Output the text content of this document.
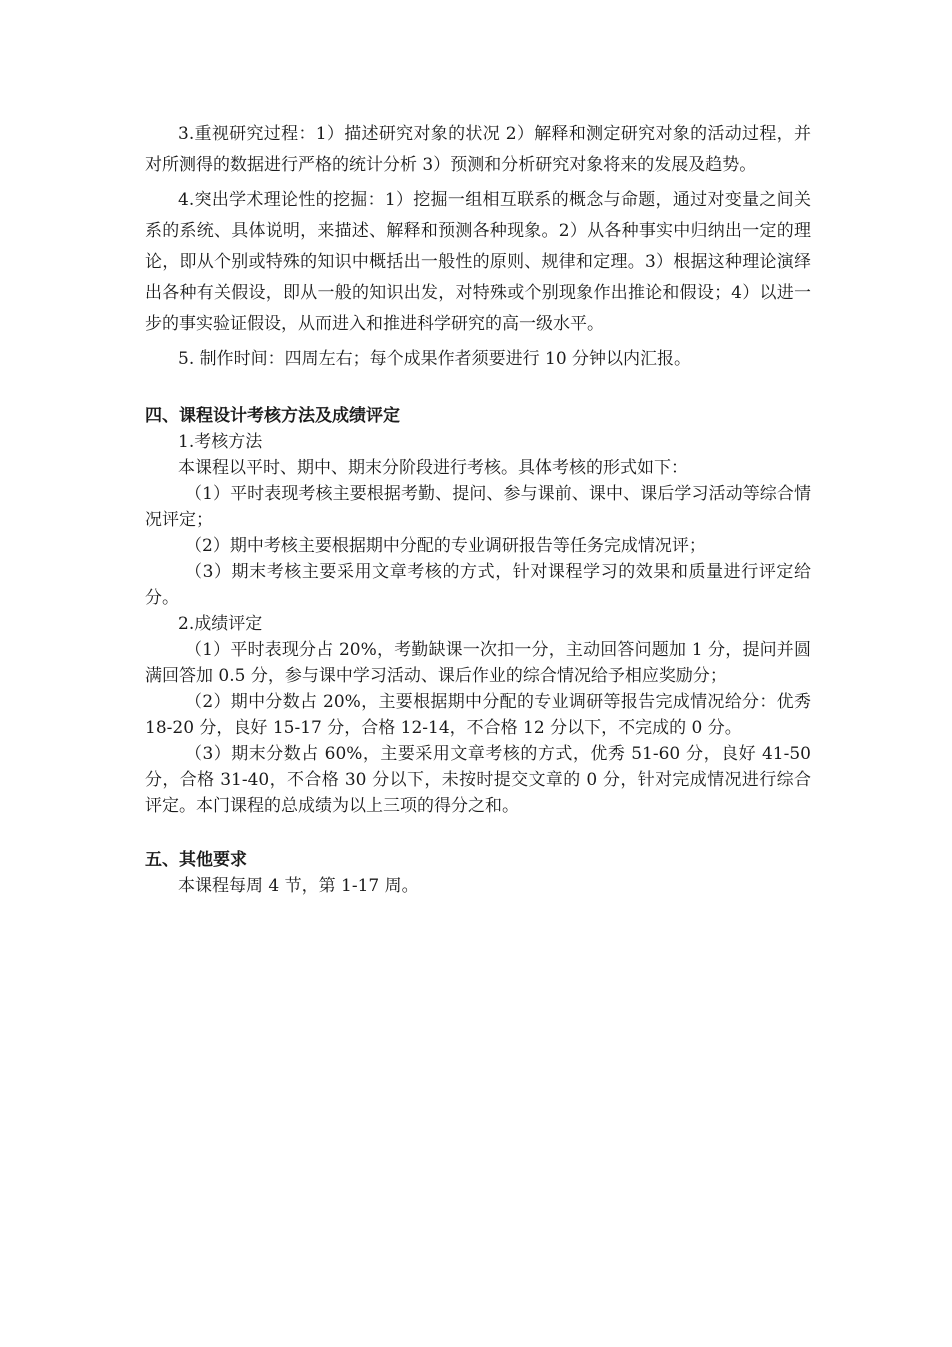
3.重视研究过程：1）描述研究对象的状况 2）解释和测定研究对象的活动过程，并对所测得的数据进行严格的统计分析 3）预测和分析研究对象将来的发展及趋势。

4.突出学术理论性的挖掘：1）挖掘一组相互联系的概念与命题，通过对变量之间关系的系统、具体说明，来描述、解释和预测各种现象。2）从各种事实中归纳出一定的理论，即从个别或特殊的知识中概括出一般性的原则、规律和定理。3）根据这种理论演绎出各种有关假设，即从一般的知识出发，对特殊或个别现象作出推论和假设；4）以进一步的事实验证假设，从而进入和推进科学研究的高一级水平。

5. 制作时间：四周左右；每个成果作者须要进行 10 分钟以内汇报。

四、课程设计考核方法及成绩评定

1.考核方法

本课程以平时、期中、期末分阶段进行考核。具体考核的形式如下：

（1）平时表现考核主要根据考勤、提问、参与课前、课中、课后学习活动等综合情况评定；

（2）期中考核主要根据期中分配的专业调研报告等任务完成情况评；

（3）期末考核主要采用文章考核的方式，针对课程学习的效果和质量进行评定给分。

2.成绩评定

（1）平时表现分占 20%，考勤缺课一次扣一分，主动回答问题加 1 分，提问并圆满回答加 0.5 分，参与课中学习活动、课后作业的综合情况给予相应奖励分；

（2）期中分数占 20%，主要根据期中分配的专业调研等报告完成情况给分：优秀 18-20 分，良好 15-17 分，合格 12-14，不合格 12 分以下，不完成的 0 分。

（3）期末分数占 60%，主要采用文章考核的方式，优秀 51-60 分，良好 41-50 分，合格 31-40，不合格 30 分以下，未按时提交文章的 0 分，针对完成情况进行综合评定。本门课程的总成绩为以上三项的得分之和。

五、其他要求

本课程每周 4 节，第 1-17 周。
